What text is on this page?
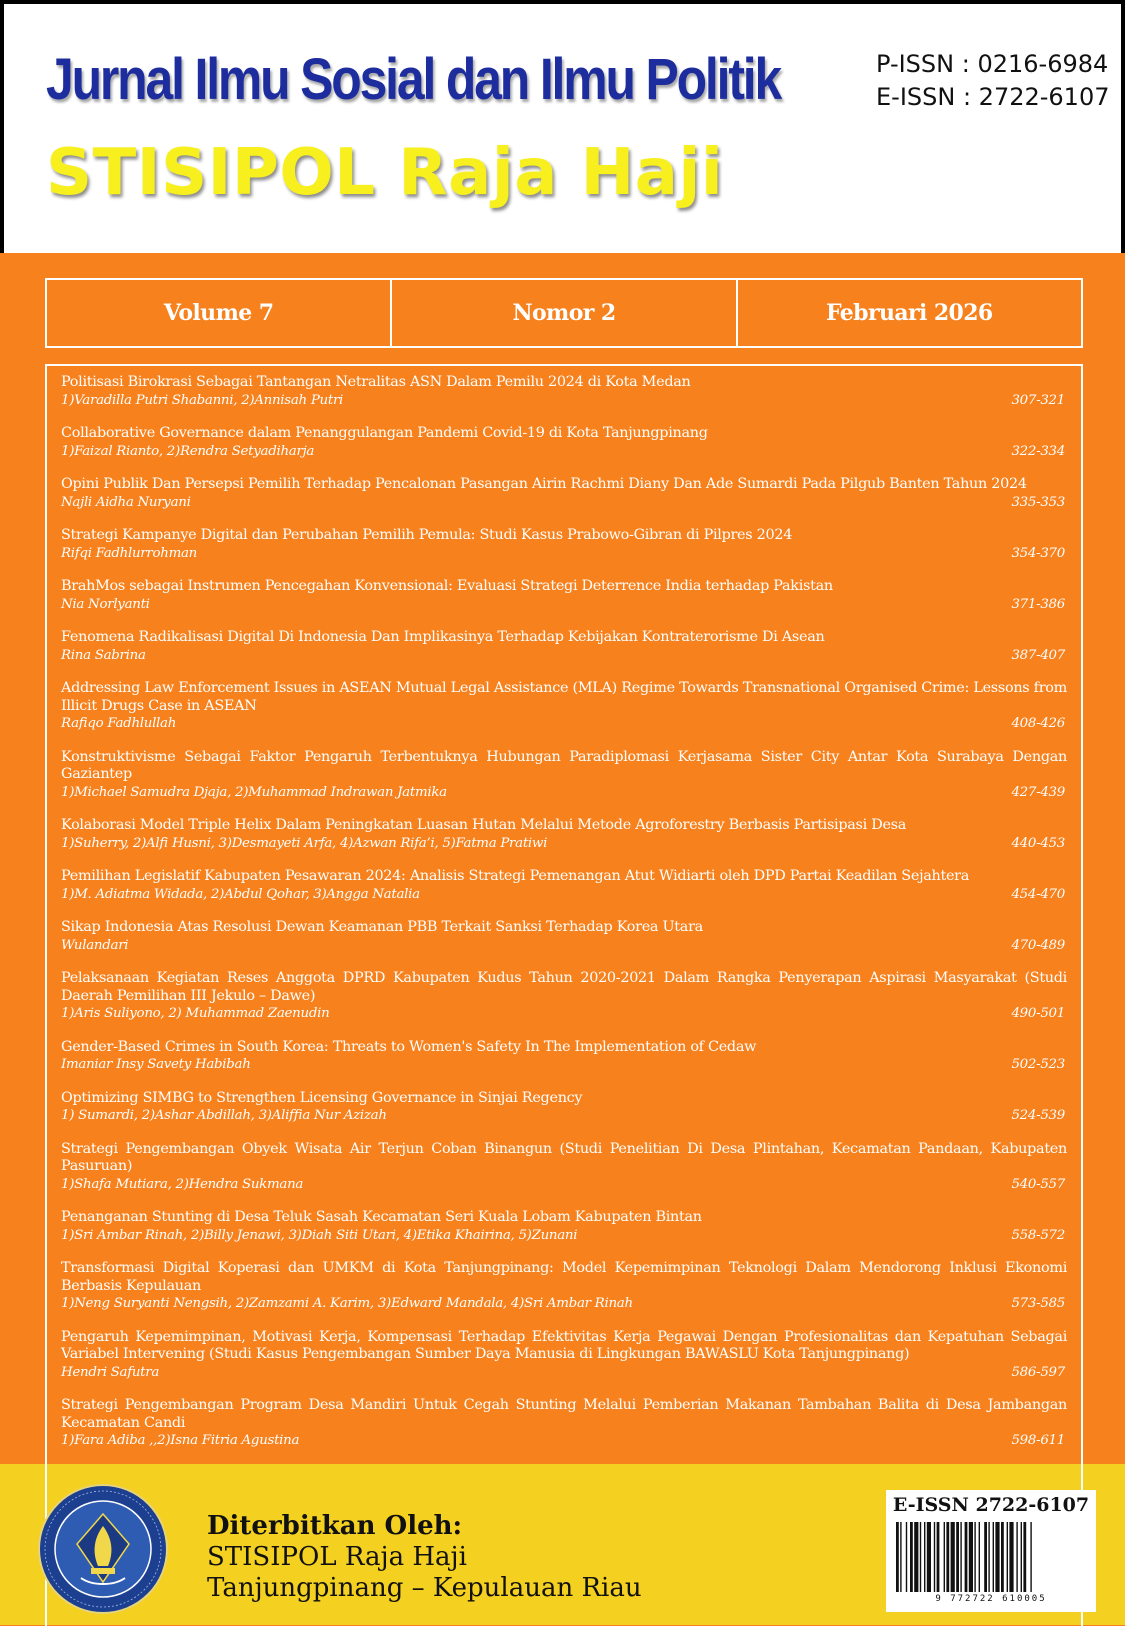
Jurnal Ilmu Sosial dan Ilmu Politik
STISIPOL Raja Haji
P-ISSN : 0216-6984
E-ISSN : 2722-6107
Volume 7	Nomor 2	Februari 2026
Politisasi Birokrasi Sebagai Tantangan Netralitas ASN Dalam Pemilu 2024 di Kota Medan
1)Varadilla Putri Shabanni, 2)Annisah Putri	307-321
Collaborative Governance dalam Penanggulangan Pandemi Covid-19 di Kota Tanjungpinang
1)Faizal Rianto, 2)Rendra Setyadiharja	322-334
Opini Publik Dan Persepsi Pemilih Terhadap Pencalonan Pasangan Airin Rachmi Diany Dan Ade Sumardi Pada Pilgub Banten Tahun 2024
Najli Aidha Nuryani	335-353
Strategi Kampanye Digital dan Perubahan Pemilih Pemula: Studi Kasus Prabowo-Gibran di Pilpres 2024
Rifqi Fadhlurrohman	354-370
BrahMos sebagai Instrumen Pencegahan Konvensional: Evaluasi Strategi Deterrence India terhadap Pakistan
Nia Norlyanti	371-386
Fenomena Radikalisasi Digital Di Indonesia Dan Implikasinya Terhadap Kebijakan Kontraterorisme Di Asean
Rina Sabrina	387-407
Addressing Law Enforcement Issues in ASEAN Mutual Legal Assistance (MLA) Regime Towards Transnational Organised Crime: Lessons from Illicit Drugs Case in ASEAN
Rafiqo Fadhlullah	408-426
Konstruktivisme Sebagai Faktor Pengaruh Terbentuknya Hubungan Paradiplomasi Kerjasama Sister City Antar Kota Surabaya Dengan Gaziantep
1)Michael Samudra Djaja, 2)Muhammad Indrawan Jatmika	427-439
Kolaborasi Model Triple Helix Dalam Peningkatan Luasan Hutan Melalui Metode Agroforestry Berbasis Partisipasi Desa
1)Suherry, 2)Alfi Husni, 3)Desmayeti Arfa, 4)Azwan Rifa’i, 5)Fatma Pratiwi	440-453
Pemilihan Legislatif Kabupaten Pesawaran 2024: Analisis Strategi Pemenangan Atut Widiarti oleh DPD Partai Keadilan Sejahtera
1)M. Adiatma Widada, 2)Abdul Qohar, 3)Angga Natalia	454-470
Sikap Indonesia Atas Resolusi Dewan Keamanan PBB Terkait Sanksi Terhadap Korea Utara
Wulandari	470-489
Pelaksanaan Kegiatan Reses Anggota DPRD Kabupaten Kudus Tahun 2020-2021 Dalam Rangka Penyerapan Aspirasi Masyarakat (Studi Daerah Pemilihan III Jekulo – Dawe)
1)Aris Suliyono, 2) Muhammad Zaenudin	490-501
Gender-Based Crimes in South Korea: Threats to Women's Safety In The Implementation of Cedaw
Imaniar Insy Savety Habibah	502-523
Optimizing SIMBG to Strengthen Licensing Governance in Sinjai Regency
1) Sumardi, 2)Ashar Abdillah, 3)Aliffia Nur Azizah	524-539
Strategi Pengembangan Obyek Wisata Air Terjun Coban Binangun (Studi Penelitian Di Desa Plintahan, Kecamatan Pandaan, Kabupaten Pasuruan)
1)Shafa Mutiara, 2)Hendra Sukmana	540-557
Penanganan Stunting di Desa Teluk Sasah Kecamatan Seri Kuala Lobam Kabupaten Bintan
1)Sri Ambar Rinah, 2)Billy Jenawi, 3)Diah Siti Utari, 4)Etika Khairina, 5)Zunani	558-572
Transformasi Digital Koperasi dan UMKM di Kota Tanjungpinang: Model Kepemimpinan Teknologi Dalam Mendorong Inklusi Ekonomi Berbasis Kepulauan
1)Neng Suryanti Nengsih, 2)Zamzami A. Karim, 3)Edward Mandala, 4)Sri Ambar Rinah	573-585
Pengaruh Kepemimpinan, Motivasi Kerja, Kompensasi Terhadap Efektivitas Kerja Pegawai Dengan Profesionalitas dan Kepatuhan Sebagai Variabel Intervening (Studi Kasus Pengembangan Sumber Daya Manusia di Lingkungan BAWASLU Kota Tanjungpinang)
Hendri Safutra	586-597
Strategi Pengembangan Program Desa Mandiri Untuk Cegah Stunting Melalui Pemberian Makanan Tambahan Balita di Desa Jambangan Kecamatan Candi
1)Fara Adiba ,,2)Isna Fitria Agustina	598-611
Diterbitkan Oleh:
STISIPOL Raja Haji
Tanjungpinang – Kepulauan Riau
E-ISSN 2722-6107
9 772722 610005
